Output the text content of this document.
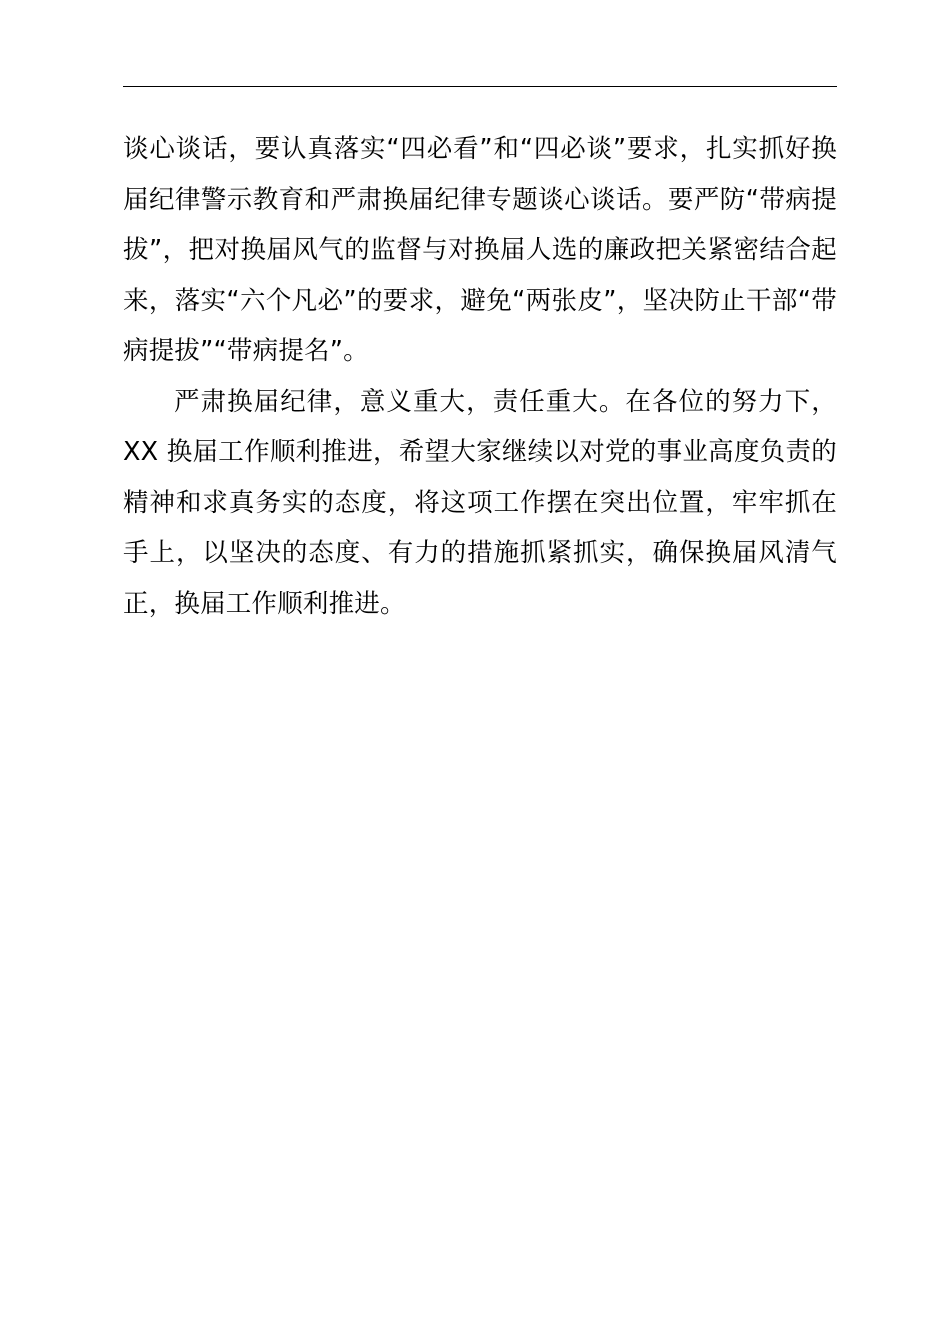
谈心谈话，要认真落实“四必看”和“四必谈”要求，扎实抓好换
届纪律警示教育和严肃换届纪律专题谈心谈话。要严防“带病提
拔”，把对换届风气的监督与对换届人选的廉政把关紧密结合起
来，落实“六个凡必”的要求，避免“两张皮”，坚决防止干部“带
病提拔”“带病提名”。

严肃换届纪律，意义重大，责任重大。在各位的努力下，
XX 换届工作顺利推进，希望大家继续以对党的事业高度负责的
精神和求真务实的态度，将这项工作摆在突出位置，牢牢抓在
手上，以坚决的态度、有力的措施抓紧抓实，确保换届风清气
正，换届工作顺利推进。
